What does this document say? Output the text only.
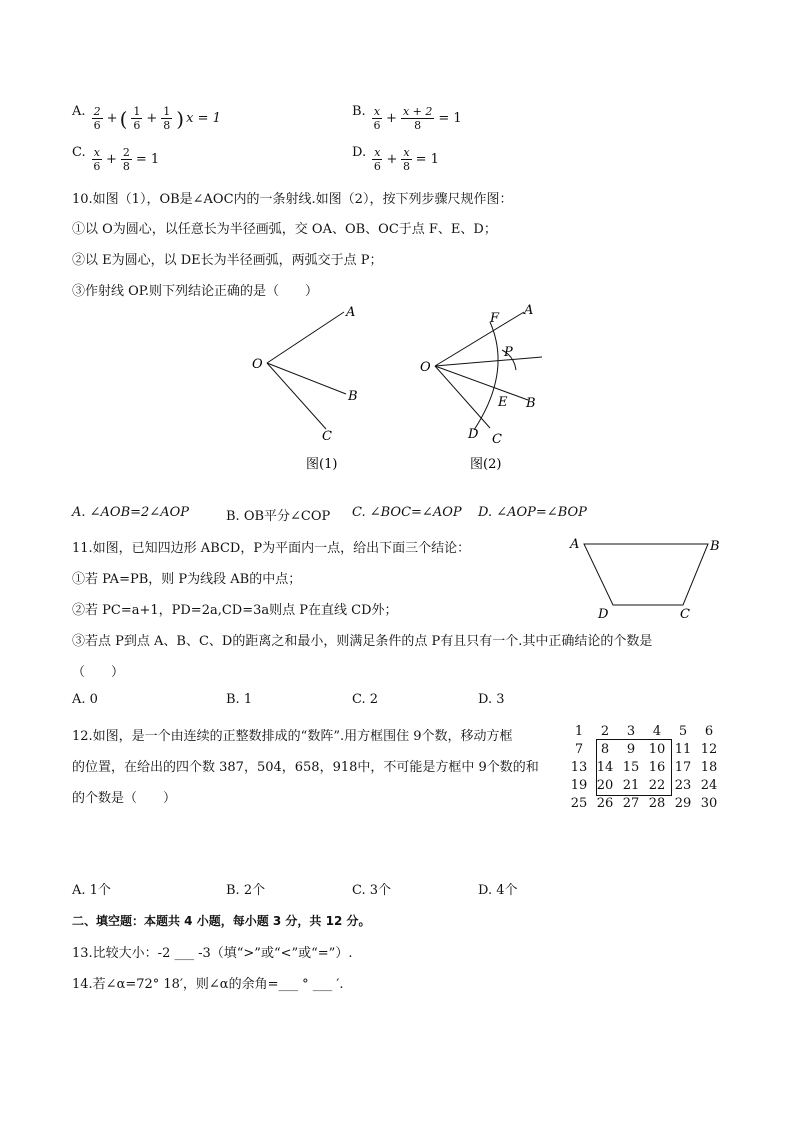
A. $\frac{2}{6}$ + ( $\frac{1}{6} + \frac{1}{8}$ ) x = 1	B. $\frac{x}{6} + \frac{x + 2}{8} = 1$
C. $\frac{x}{6} + \frac{2}{8} = 1$	D. $\frac{x}{6} + \frac{x}{8} = 1$
10.如图（1），OB是∠AOC内的一条射线.如图（2），按下列步骤尺规作图：
①以 O为圆心，以任意长为半径画弧，交 OA、OB、OC于点 F、E、D；
②以 E为圆心，以 DE长为半径画弧，两弧交于点 P；
③作射线 OP.则下列结论正确的是（　　）
O
A
B
C
图(1)
O
A
F
P
E B
D C
图(2)
A. ∠AOB=2∠AOP	B. OB平分∠COP C. ∠BOC=∠AOP D. ∠AOP=∠BOP
11.如图，已知四边形 ABCD，P为平面内一点，给出下面三个结论：
①若 PA=PB，则 P为线段 AB的中点；
②若 PC=a+1，PD=2a,CD=3a则点 P在直线 CD外；
③若点 P到点 A、B、C、D的距离之和最小，则满足条件的点 P有且只有一个.其中正确结论的个数是
（　　）
A	B
C
D
A. 0	B. 1	C. 2	D. 3
12.如图，是一个由连续的正整数排成的“数阵”.用方框围住 9个数，移动方框
的位置，在给出的四个数 387，504，658，918中，不可能是方框中 9个数的和
的个数是（　　）
1	2	3	4	5	6
7	8	9	10 11 12
13 14 15 16 17 18
19 20 21 22 23 24
25 26 27 28 29 30
A. 1个	B. 2个	C. 3个	D. 4个
二、填空题：本题共 4 小题，每小题 3 分，共 12 分。
13.比较大小：-2 ___ -3（填“>”或“<”或“=”）.
14.若∠α=72° 18′，则∠α的余角=___ ° ___ ′.
